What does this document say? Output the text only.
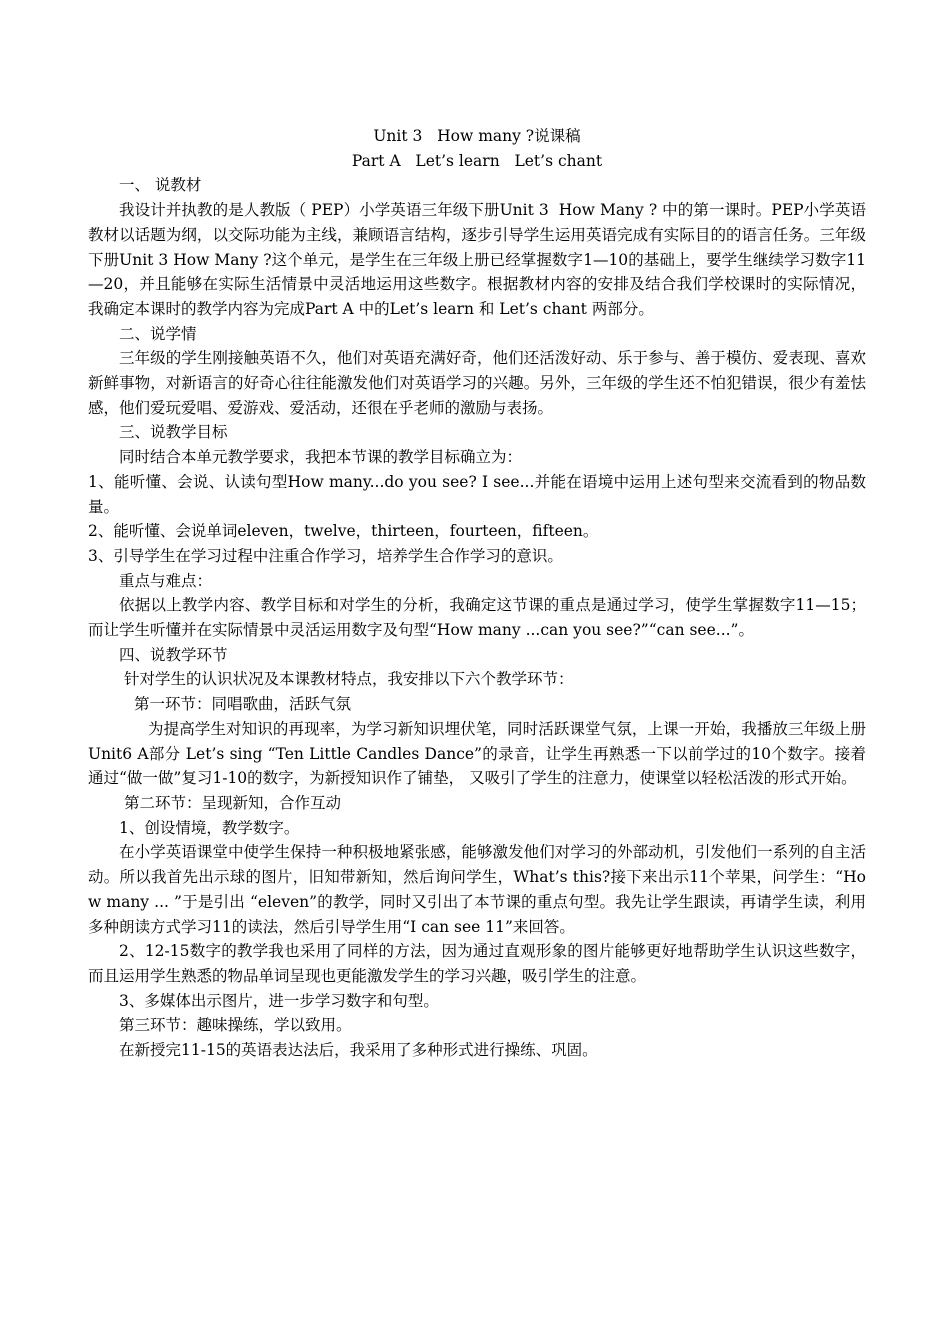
Unit 3   How many ?说课稿

Part A   Let’s learn   Let’s chant

一、 说教材

我设计并执教的是人教版（ PEP）小学英语三年级下册Unit 3  How Many ? 中的第一课时。PEP小学英语教材以话题为纲，以交际功能为主线，兼顾语言结构，逐步引导学生运用英语完成有实际目的的语言任务。三年级下册Unit 3 How Many ?这个单元，是学生在三年级上册已经掌握数字1—10的基础上，要学生继续学习数字11—20，并且能够在实际生活情景中灵活地运用这些数字。根据教材内容的安排及结合我们学校课时的实际情况，我确定本课时的教学内容为完成Part A 中的Let’s learn 和 Let’s chant 两部分。

二、说学情

三年级的学生刚接触英语不久，他们对英语充满好奇，他们还活泼好动、乐于参与、善于模仿、爱表现、喜欢新鲜事物，对新语言的好奇心往往能激发他们对英语学习的兴趣。另外，三年级的学生还不怕犯错误，很少有羞怯感，他们爱玩爱唱、爱游戏、爱活动，还很在乎老师的激励与表扬。

三、说教学目标

同时结合本单元教学要求，我把本节课的教学目标确立为：

1、能听懂、会说、认读句型How many...do you see? I see...并能在语境中运用上述句型来交流看到的物品数量。

2、能听懂、会说单词eleven，twelve，thirteen，fourteen，fifteen。

3、引导学生在学习过程中注重合作学习，培养学生合作学习的意识。

重点与难点：

依据以上教学内容、教学目标和对学生的分析，我确定这节课的重点是通过学习，使学生掌握数字11—15；而让学生听懂并在实际情景中灵活运用数字及句型“How many ...can you see?”“can see...”。

四、说教学环节

针对学生的认识状况及本课教材特点，我安排以下六个教学环节：

第一环节：同唱歌曲，活跃气氛

为提高学生对知识的再现率，为学习新知识埋伏笔，同时活跃课堂气氛，上课一开始，我播放三年级上册Unit6 A部分 Let’s sing “Ten Little Candles Dance”的录音，让学生再熟悉一下以前学过的10个数字。接着通过“做一做”复习1-10的数字，为新授知识作了铺垫， 又吸引了学生的注意力，使课堂以轻松活泼的形式开始。

第二环节：呈现新知，合作互动

1、创设情境，教学数字。

在小学英语课堂中使学生保持一种积极地紧张感，能够激发他们对学习的外部动机，引发他们一系列的自主活动。所以我首先出示球的图片，旧知带新知，然后询问学生，What’s this?接下来出示11个苹果，问学生：“How many ... ”于是引出 “eleven”的教学，同时又引出了本节课的重点句型。我先让学生跟读，再请学生读，利用多种朗读方式学习11的读法，然后引导学生用“I can see 11”来回答。

2、12-15数字的教学我也采用了同样的方法，因为通过直观形象的图片能够更好地帮助学生认识这些数字，而且运用学生熟悉的物品单词呈现也更能激发学生的学习兴趣，吸引学生的注意。

3、多媒体出示图片，进一步学习数字和句型。

第三环节：趣味操练，学以致用。

在新授完11-15的英语表达法后，我采用了多种形式进行操练、巩固。
